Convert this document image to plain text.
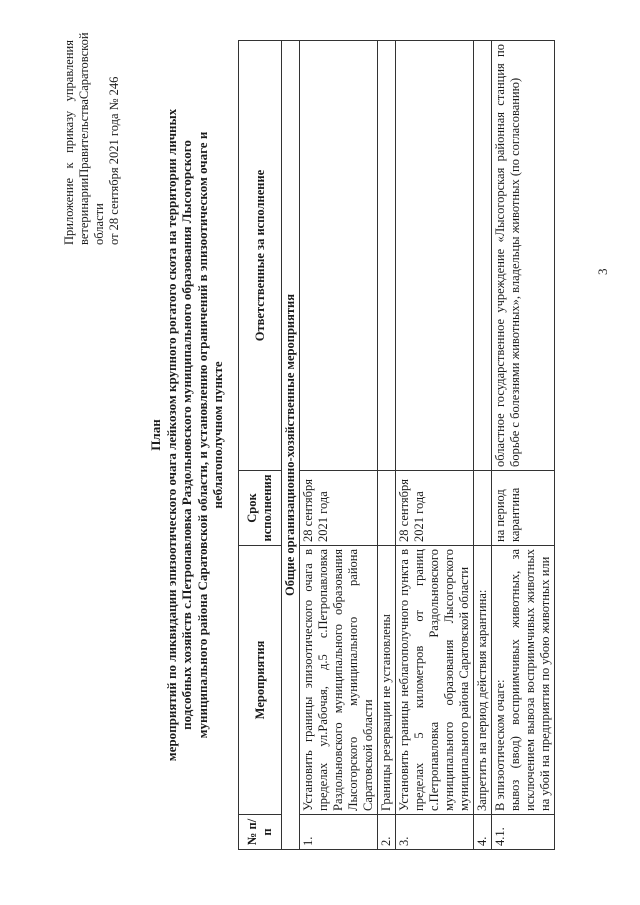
3
Приложение
к
приказу
управления
ветеринарии
Правительства
Саратовской
области от 28 сентября 2021 года № 246
План мероприятий по ликвидации эпизоотического очага лейкозом крупного рогатого скота на территории личных подсобных хозяйств с.Петропавловка Раздольновского муниципального образования Лысогорского муниципального района Саратовской области, и установлению ограничений в эпизоотическом очаге и неблагополучном пункте
№ п/п	Мероприятия	Срок исполнения	Ответственные за исполнение
Общие организационно-хозяйственные мероприятия			
1.	Установить границы эпизоотического очага в пределах ул.Рабочая, д.5 с.Петропавловка Раздольновского муниципального образования Лысогорского муниципального района Саратовской области	28 сентября 2021 года	
2.	Границы резервации не установлены		
3.	Установить границы неблагополучного пункта в пределах 5 километров от границ с.Петропавловка Раздольновского муниципального образования Лысогорского муниципального района Саратовской области	28 сентября 2021 года	
4.	Запретить на период действия карантина:		
4.1.	В эпизоотическом очаге: вывоз (ввод) восприимчивых животных, за исключением вывоза восприимчивых животных на убой на предприятия по убою животных или	на период карантина	областное государственное учреждение «Лысогорская районная станция по борьбе с болезнями животных», владельцы животных (по согласованию)
